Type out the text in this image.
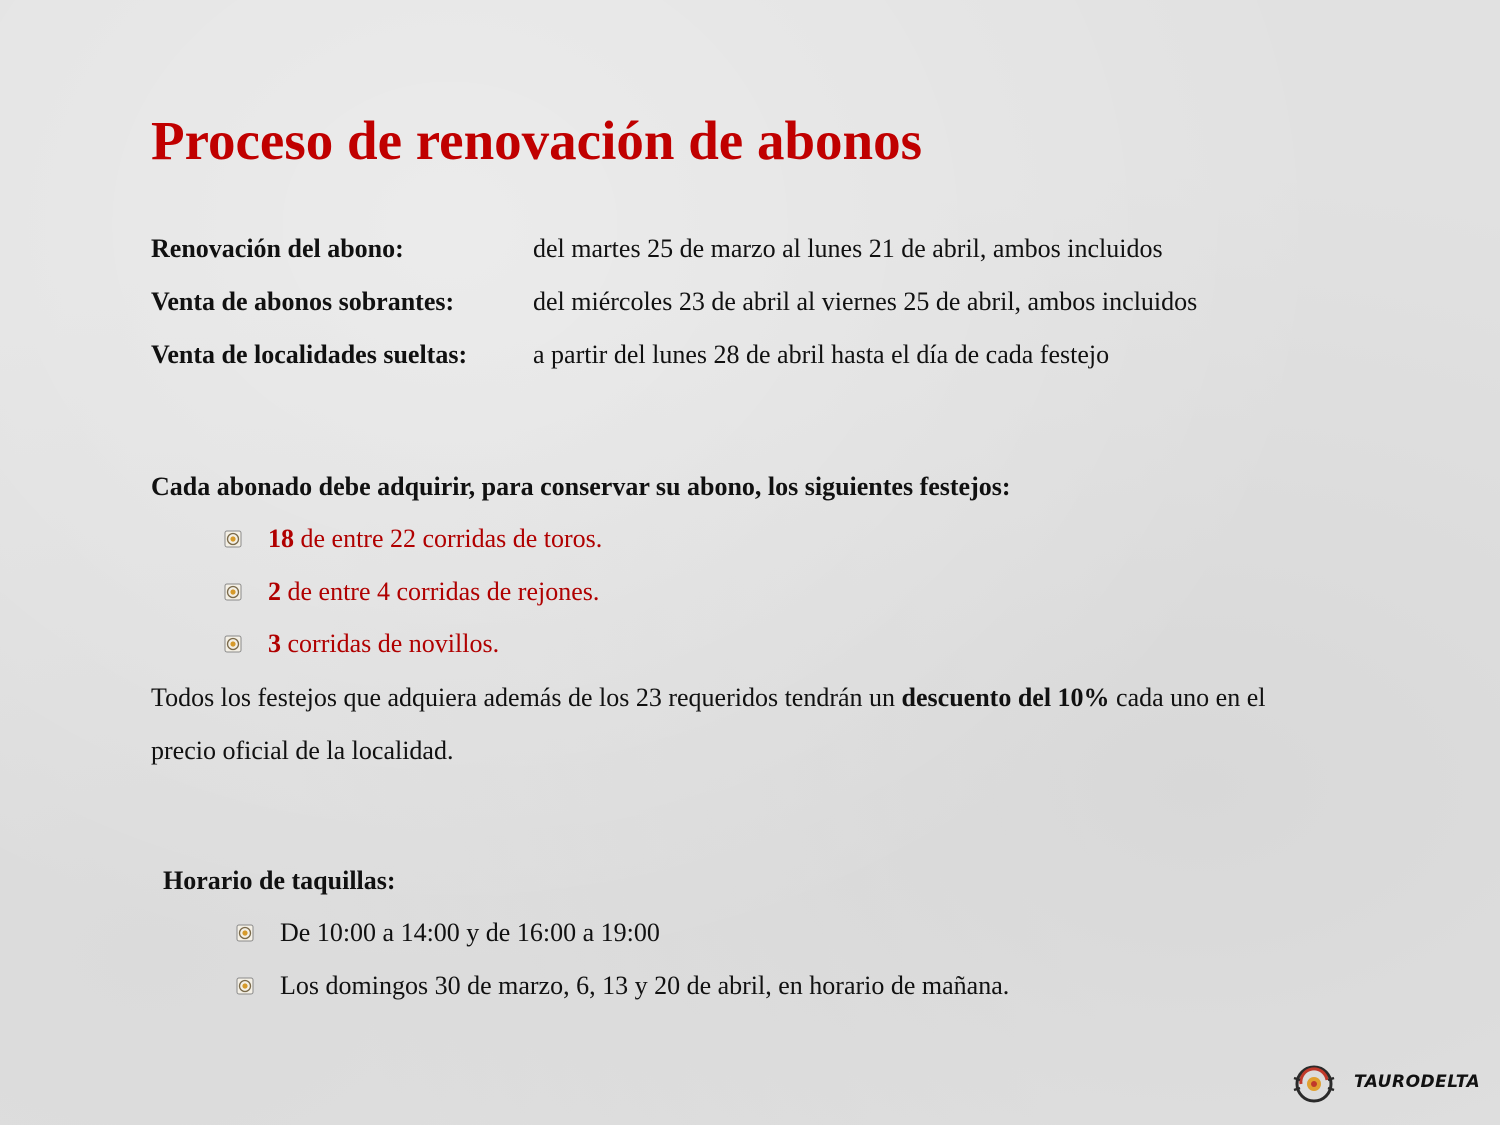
Proceso de renovación de abonos
Renovación del abono:	del martes 25 de marzo al lunes 21 de abril, ambos incluidos
Venta de abonos sobrantes:	del miércoles 23 de abril al viernes 25 de abril, ambos incluidos
Venta de localidades sueltas:	a partir del lunes 28 de abril hasta el día de cada festejo
Cada abonado debe adquirir, para conservar su abono, los siguientes festejos:
18 de entre 22 corridas de toros.
2 de entre 4 corridas de rejones.
3 corridas de novillos.
Todos los festejos que adquiera además de los 23 requeridos tendrán un descuento del 10% cada uno en el precio oficial de la localidad.
Horario de taquillas:
De 10:00 a 14:00 y de 16:00 a 19:00
Los domingos 30 de marzo, 6, 13 y 20 de abril, en horario de mañana.
TAURODELTA
